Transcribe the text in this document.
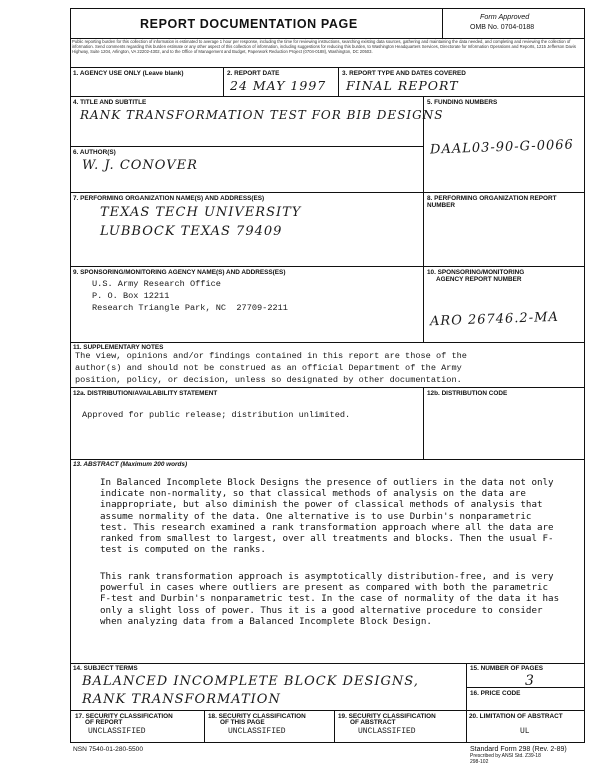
REPORT DOCUMENTATION PAGE
Form Approved
OMB No. 0704-0188
Public reporting burden for this collection of information is estimated to average 1 hour per response, including the time for reviewing instructions, searching existing data sources, gathering and maintaining the data needed, and completing and reviewing the collection of information. Send comments regarding this burden estimate or any other aspect of this collection of information, including suggestions for reducing this burden, to Washington Headquarters Services, Directorate for Information Operations and Reports, 1215 Jefferson Davis Highway, Suite 1204, Arlington, VA 22202-4302, and to the Office of Management and Budget, Paperwork Reduction Project (0704-0188), Washington, DC 20503.
1. AGENCY USE ONLY (Leave blank)	2. REPORT DATE
24 MAY 1997
3. REPORT TYPE AND DATES COVERED
FINAL REPORT
4. TITLE AND SUBTITLE
RANK TRANSFORMATION TEST FOR BIB DESIGNS
5. FUNDING NUMBERS
DAAL03-90-G-0066
6. AUTHOR(S)
W. J. CONOVER
7. PERFORMING ORGANIZATION NAME(S) AND ADDRESS(ES)
TEXAS TECH UNIVERSITY
LUBBOCK TEXAS 79409
8. PERFORMING ORGANIZATION REPORT NUMBER
9. SPONSORING/MONITORING AGENCY NAME(S) AND ADDRESS(ES)
U.S. Army Research Office
P. O. Box 12211
Research Triangle Park, NC  27709-2211
10. SPONSORING/MONITORING
AGENCY REPORT NUMBER
ARO 26746.2-MA
11. SUPPLEMENTARY NOTES
The view, opinions and/or findings contained in this report are those of the
author(s) and should not be construed as an official Department of the Army
position, policy, or decision, unless so designated by other documentation.
12a. DISTRIBUTION/AVAILABILITY STATEMENT
Approved for public release; distribution unlimited.
12b. DISTRIBUTION CODE
13. ABSTRACT (Maximum 200 words)
In Balanced Incomplete Block Designs the presence of outliers in the data not only indicate non-normality, so that classical methods of analysis on the data are inappropriate, but also diminish the power of classical methods of analysis that assume normality of the data. One alternative is to use Durbin's nonparametric test. This research examined a rank transformation approach where all the data are ranked from smallest to largest, over all treatments and blocks. Then the usual F-test is computed on the ranks.
This rank transformation approach is asymptotically distribution-free, and is very powerful in cases where outliers are present as compared with both the parametric F-test and Durbin's nonparametric test. In the case of normality of the data it has only a slight loss of power. Thus it is a good alternative procedure to consider when analyzing data from a Balanced Incomplete Block Design.
14. SUBJECT TERMS
BALANCED INCOMPLETE BLOCK DESIGNS,
RANK TRANSFORMATION
15. NUMBER OF PAGES
3
16. PRICE CODE
17. SECURITY CLASSIFICATION
OF REPORT
UNCLASSIFIED
18. SECURITY CLASSIFICATION
OF THIS PAGE
UNCLASSIFIED
19. SECURITY CLASSIFICATION
OF ABSTRACT
UNCLASSIFIED
20. LIMITATION OF ABSTRACT
UL
NSN 7540-01-280-5500	Standard Form 298 (Rev. 2-89)
Prescribed by ANSI Std. Z39-18
298-102
